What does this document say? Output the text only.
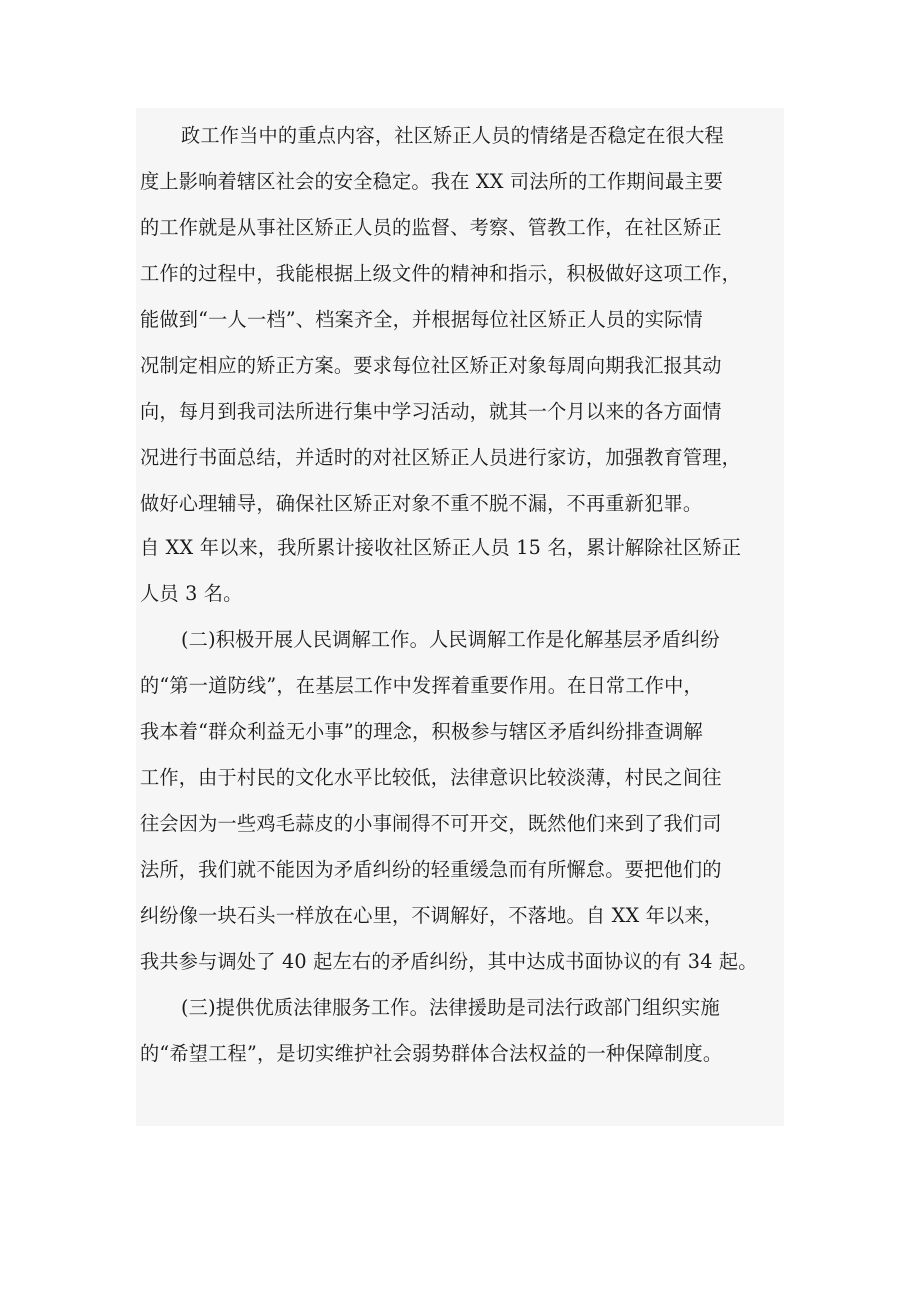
政工作当中的重点内容，社区矫正人员的情绪是否稳定在很大程
度上影响着辖区社会的安全稳定。我在 XX 司法所的工作期间最主要
的工作就是从事社区矫正人员的监督、考察、管教工作，在社区矫正
工作的过程中，我能根据上级文件的精神和指示，积极做好这项工作，
能做到“一人一档”、档案齐全，并根据每位社区矫正人员的实际情
况制定相应的矫正方案。要求每位社区矫正对象每周向期我汇报其动
向，每月到我司法所进行集中学习活动，就其一个月以来的各方面情
况进行书面总结，并适时的对社区矫正人员进行家访，加强教育管理，
做好心理辅导，确保社区矫正对象不重不脱不漏，不再重新犯罪。
自 XX 年以来，我所累计接收社区矫正人员 15 名，累计解除社区矫正
人员 3 名。
(二)积极开展人民调解工作。人民调解工作是化解基层矛盾纠纷
的“第一道防线”，在基层工作中发挥着重要作用。在日常工作中，
我本着“群众利益无小事”的理念，积极参与辖区矛盾纠纷排查调解
工作，由于村民的文化水平比较低，法律意识比较淡薄，村民之间往
往会因为一些鸡毛蒜皮的小事闹得不可开交，既然他们来到了我们司
法所，我们就不能因为矛盾纠纷的轻重缓急而有所懈怠。要把他们的
纠纷像一块石头一样放在心里，不调解好，不落地。自 XX 年以来，
我共参与调处了 40 起左右的矛盾纠纷，其中达成书面协议的有 34 起。
(三)提供优质法律服务工作。法律援助是司法行政部门组织实施
的“希望工程”，是切实维护社会弱势群体合法权益的一种保障制度。
